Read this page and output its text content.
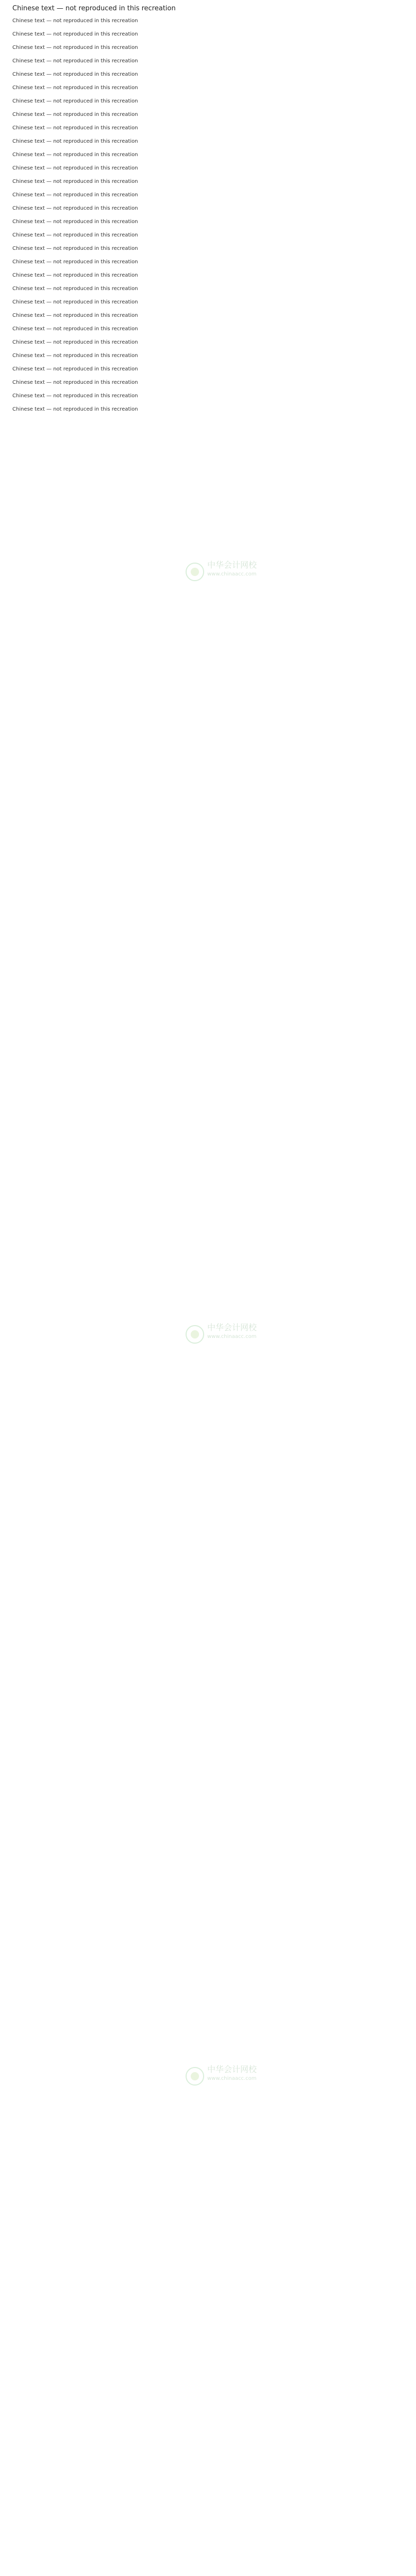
Chinese text — not reproduced in this recreation

Chinese text — not reproduced in this recreation

Chinese text — not reproduced in this recreation

Chinese text — not reproduced in this recreation

Chinese text — not reproduced in this recreation

Chinese text — not reproduced in this recreation

Chinese text — not reproduced in this recreation

Chinese text — not reproduced in this recreation

Chinese text — not reproduced in this recreation

Chinese text — not reproduced in this recreation

Chinese text — not reproduced in this recreation

Chinese text — not reproduced in this recreation

Chinese text — not reproduced in this recreation

Chinese text — not reproduced in this recreation

Chinese text — not reproduced in this recreation

Chinese text — not reproduced in this recreation

Chinese text — not reproduced in this recreation

Chinese text — not reproduced in this recreation

Chinese text — not reproduced in this recreation

Chinese text — not reproduced in this recreation

Chinese text — not reproduced in this recreation

Chinese text — not reproduced in this recreation

Chinese text — not reproduced in this recreation

Chinese text — not reproduced in this recreation

Chinese text — not reproduced in this recreation

Chinese text — not reproduced in this recreation

Chinese text — not reproduced in this recreation

Chinese text — not reproduced in this recreation

Chinese text — not reproduced in this recreation

Chinese text — not reproduced in this recreation

Chinese text — not reproduced in this recreation

中华会计网校
www.chinaacc.com
中华会计网校
www.chinaacc.com
中华会计网校
www.chinaacc.com
